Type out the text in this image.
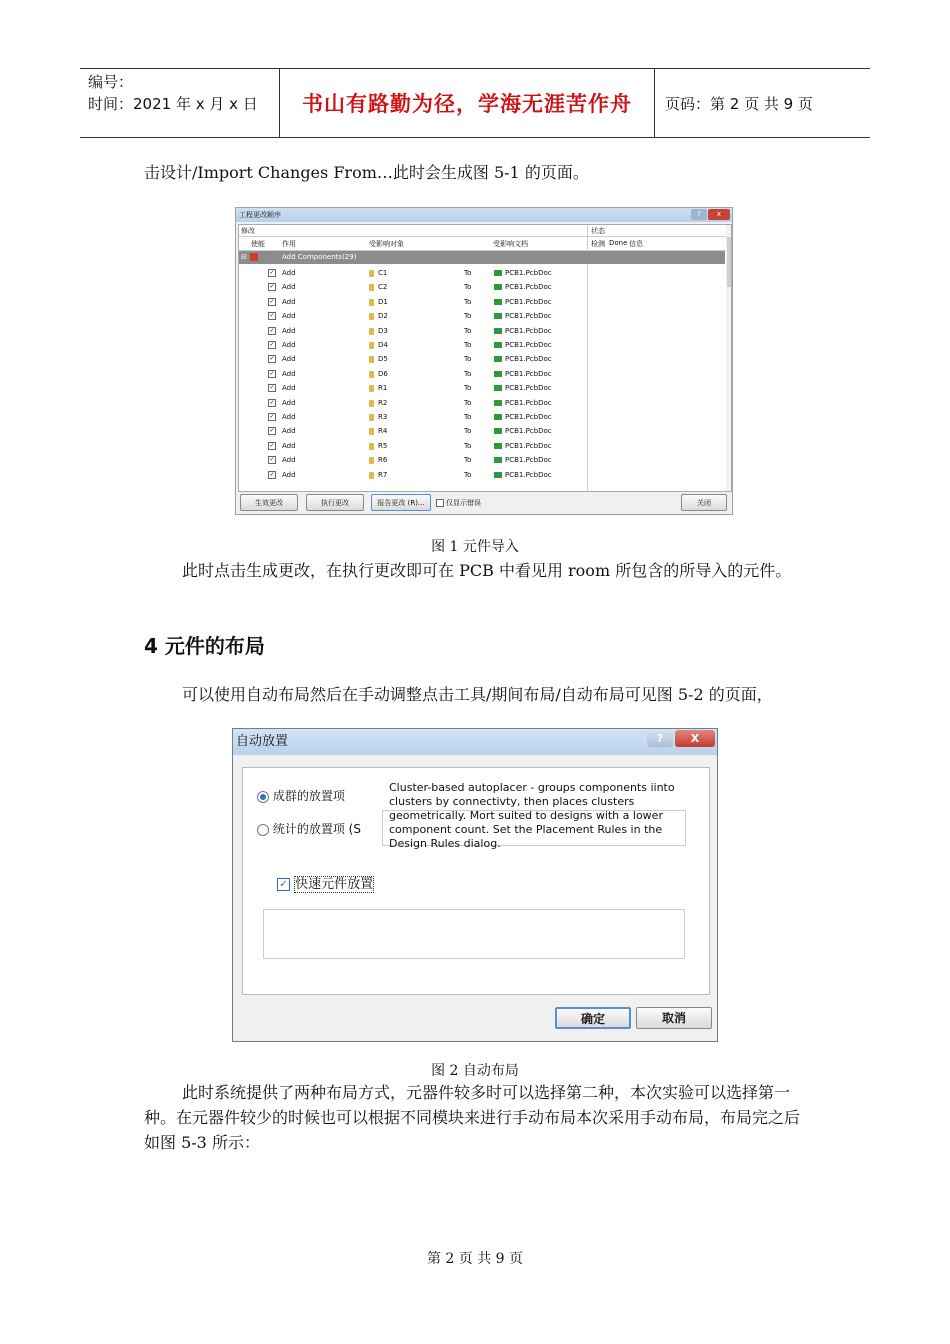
编号：
时间：2021 年 x 月 x 日	书山有路勤为径，学海无涯苦作舟	页码：第 2 页 共 9 页
击设计/Import Changes From…此时会生成图 5-1 的页面。
工程更改顺序	?	x
修改	状态
使能 作用	受影响对象	受影响文档	检测 Done 信息
⊟	Add Components(29)
✓ Add	C1	To	PCB1.PcbDoc
✓ Add	C2	To	PCB1.PcbDoc
✓ Add	D1	To	PCB1.PcbDoc
✓ Add	D2	To	PCB1.PcbDoc
✓ Add	D3	To	PCB1.PcbDoc
✓ Add	D4	To	PCB1.PcbDoc
✓ Add	D5	To	PCB1.PcbDoc
✓ Add	D6	To	PCB1.PcbDoc
✓ Add	R1	To	PCB1.PcbDoc
✓ Add	R2	To	PCB1.PcbDoc
✓ Add	R3	To	PCB1.PcbDoc
✓ Add	R4	To	PCB1.PcbDoc
✓ Add	R5	To	PCB1.PcbDoc
✓ Add	R6	To	PCB1.PcbDoc
✓ Add	R7	To	PCB1.PcbDoc
生效更改	执行更改	报告更改 (R)...	仅显示错误	关闭
图 1 元件导入
此时点击生成更改，在执行更改即可在 PCB 中看见用 room 所包含的所导入的元件。
4 元件的布局
可以使用自动布局然后在手动调整点击工具/期间布局/自动布局可见图 5-2 的页面，
自动放置	?	X
成群的放置项
统计的放置项 (S
Cluster-based autoplacer - groups components iinto clusters by connectivty, then places clusters geometrically. Mort suited to designs with a lower component count. Set the Placement Rules in the Design Rules dialog.
✓ 快速元件放置
确定	取消
图 2 自动布局
此时系统提供了两种布局方式，元器件较多时可以选择第二种，本次实验可以选择第一种。在元器件较少的时候也可以根据不同模块来进行手动布局本次采用手动布局，布局完之后如图 5-3 所示：
第 2 页 共 9 页
